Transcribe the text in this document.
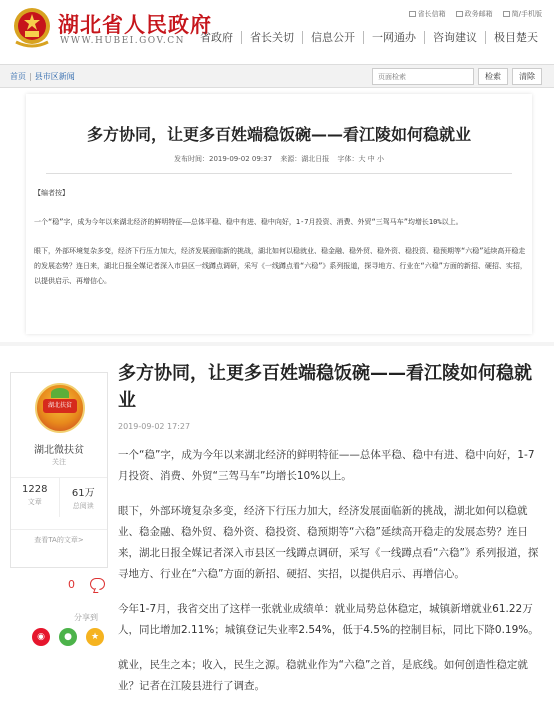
湖北省人民政府
WWW.HUBEI.GOV.CN
省长信箱	政务邮箱	简/手机版
省政府	省长关切	信息公开	一网通办	咨询建议	极目楚天
首页 | 县市区新闻
页面检索	检索	清除
多方协同，让更多百姓端稳饭碗——看江陵如何稳就业
发布时间：2019-09-02 09:37 来源：湖北日报 字体：大 中 小

【编者按】

一个“稳”字，成为今年以来湖北经济的鲜明特征——总体平稳、稳中有进、稳中向好，1-7月投资、消费、外贸“三驾马车”均增长10%以上。

眼下，外部环境复杂多变，经济下行压力加大，经济发展面临新的挑战，湖北如何以稳就业、稳金融、稳外贸、稳外资、稳投资、稳预期等“六稳”延续高开稳走的发展态势？连日来，湖北日报全媒记者深入市县区一线蹲点调研，采写《一线蹲点看“六稳”》系列报道，探寻地方、行业在“六稳”方面的新招、硬招、实招，以提供启示、再增信心。

湖北扶贫
湖北微扶贫
关注
1228
文章
61万
总阅读
查看TA的文章>
0
分享到
◉	●	★
多方协同，让更多百姓端稳饭碗——看江陵如何稳就业
2019-09-02 17:27

一个“稳”字，成为今年以来湖北经济的鲜明特征——总体平稳、稳中有进、稳中向好，1-7月投资、消费、外贸“三驾马车”均增长10%以上。

眼下，外部环境复杂多变，经济下行压力加大，经济发展面临新的挑战，湖北如何以稳就业、稳金融、稳外贸、稳外资、稳投资、稳预期等“六稳”延续高开稳走的发展态势？连日来，湖北日报全媒记者深入市县区一线蹲点调研，采写《一线蹲点看“六稳”》系列报道，探寻地方、行业在“六稳”方面的新招、硬招、实招，以提供启示、再增信心。

今年1-7月，我省交出了这样一张就业成绩单：就业局势总体稳定，城镇新增就业61.22万人，同比增加2.11%；城镇登记失业率2.54%，低于4.5%的控制目标，同比下降0.19%。

就业，民生之本；收入，民生之源。稳就业作为“六稳”之首，是底线。如何创造性稳定就业？记者在江陵县进行了调查。
